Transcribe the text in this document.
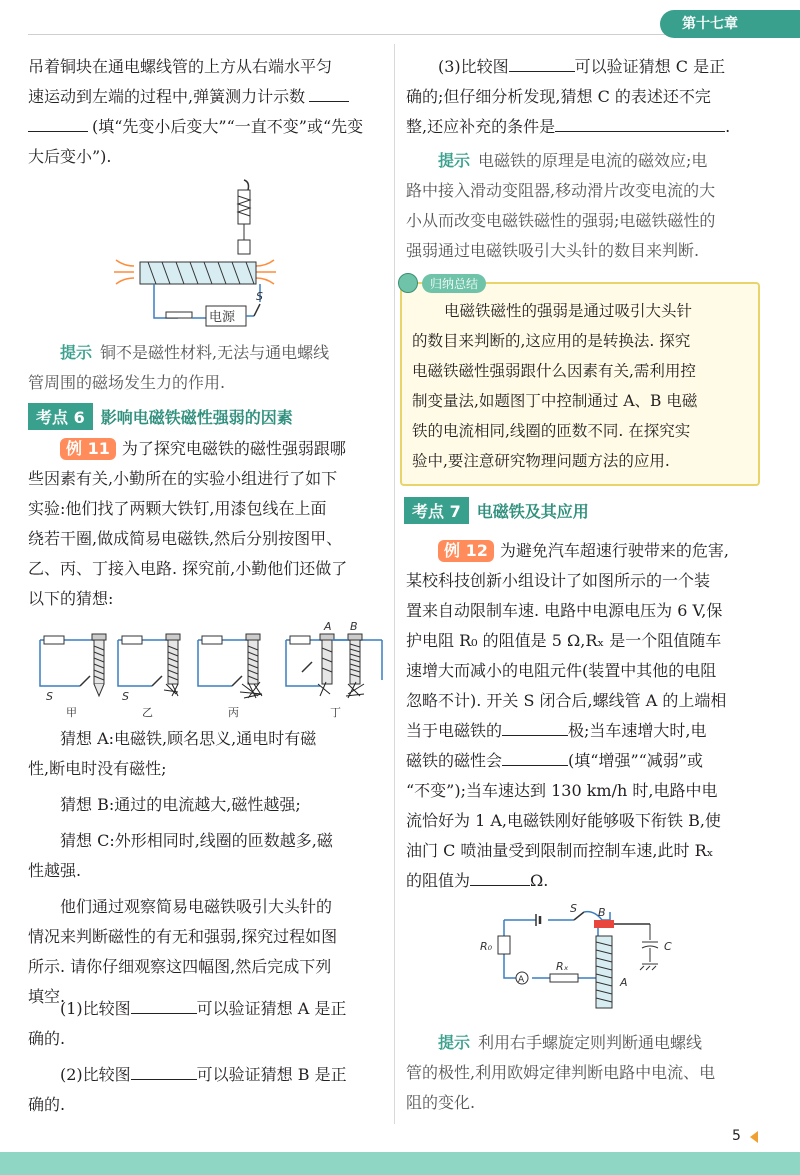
第十七章
吊着铜块在通电螺线管的上方从右端水平匀
速运动到左端的过程中,弹簧测力计示数
(填“先变小后变大”“一直不变”或“先变
大后变小”).
电源
S
提示 铜不是磁性材料,无法与通电螺线
管周围的磁场发生力的作用.
考点 6	影响电磁铁磁性强弱的因素
例 11 为了探究电磁铁的磁性强弱跟哪
些因素有关,小勤所在的实验小组进行了如下
实验:他们找了两颗大铁钉,用漆包线在上面
绕若干圈,做成简易电磁铁,然后分别按图甲、
乙、丙、丁接入电路. 探究前,小勤他们还做了
以下的猜想:
S
甲
S
乙	丙
A B
丁
猜想 A:电磁铁,顾名思义,通电时有磁
性,断电时没有磁性;
猜想 B:通过的电流越大,磁性越强;
猜想 C:外形相同时,线圈的匝数越多,磁
性越强.
他们通过观察简易电磁铁吸引大头针的
情况来判断磁性的有无和强弱,探究过程如图
所示. 请你仔细观察这四幅图,然后完成下列
填空.
(1)比较图	可以验证猜想 A 是正
确的.
(2)比较图	可以验证猜想 B 是正
确的.
(3)比较图	可以验证猜想 C 是正
确的;但仔细分析发现,猜想 C 的表述还不完
整,还应补充的条件是	.
提示 电磁铁的原理是电流的磁效应;电
路中接入滑动变阻器,移动滑片改变电流的大
小从而改变电磁铁磁性的强弱;电磁铁磁性的
强弱通过电磁铁吸引大头针的数目来判断.
归纳总结
电磁铁磁性的强弱是通过吸引大头针
的数目来判断的,这应用的是转换法. 探究
电磁铁磁性强弱跟什么因素有关,需利用控
制变量法,如题图丁中控制通过 A、B 电磁
铁的电流相同,线圈的匝数不同. 在探究实
验中,要注意研究物理问题方法的应用.
考点 7	电磁铁及其应用
例 12 为避免汽车超速行驶带来的危害,
某校科技创新小组设计了如图所示的一个装
置来自动限制车速. 电路中电源电压为 6 V,保
护电阻 R₀ 的阻值是 5 Ω,Rₓ 是一个阻值随车
速增大而减小的电阻元件(装置中其他的电阻
忽略不计). 开关 S 闭合后,螺线管 A 的上端相
当于电磁铁的	极;当车速增大时,电
磁铁的磁性会	(填“增强”“减弱”或
“不变”);当车速达到 130 km/h 时,电路中电
流恰好为 1 A,电磁铁刚好能够吸下衔铁 B,使
油门 C 喷油量受到限制而控制车速,此时 Rₓ
的阻值为	Ω.
S
R₀
A
Rₓ
B
A
C
提示 利用右手螺旋定则判断通电螺线
管的极性,利用欧姆定律判断电路中电流、电
阻的变化.
5
